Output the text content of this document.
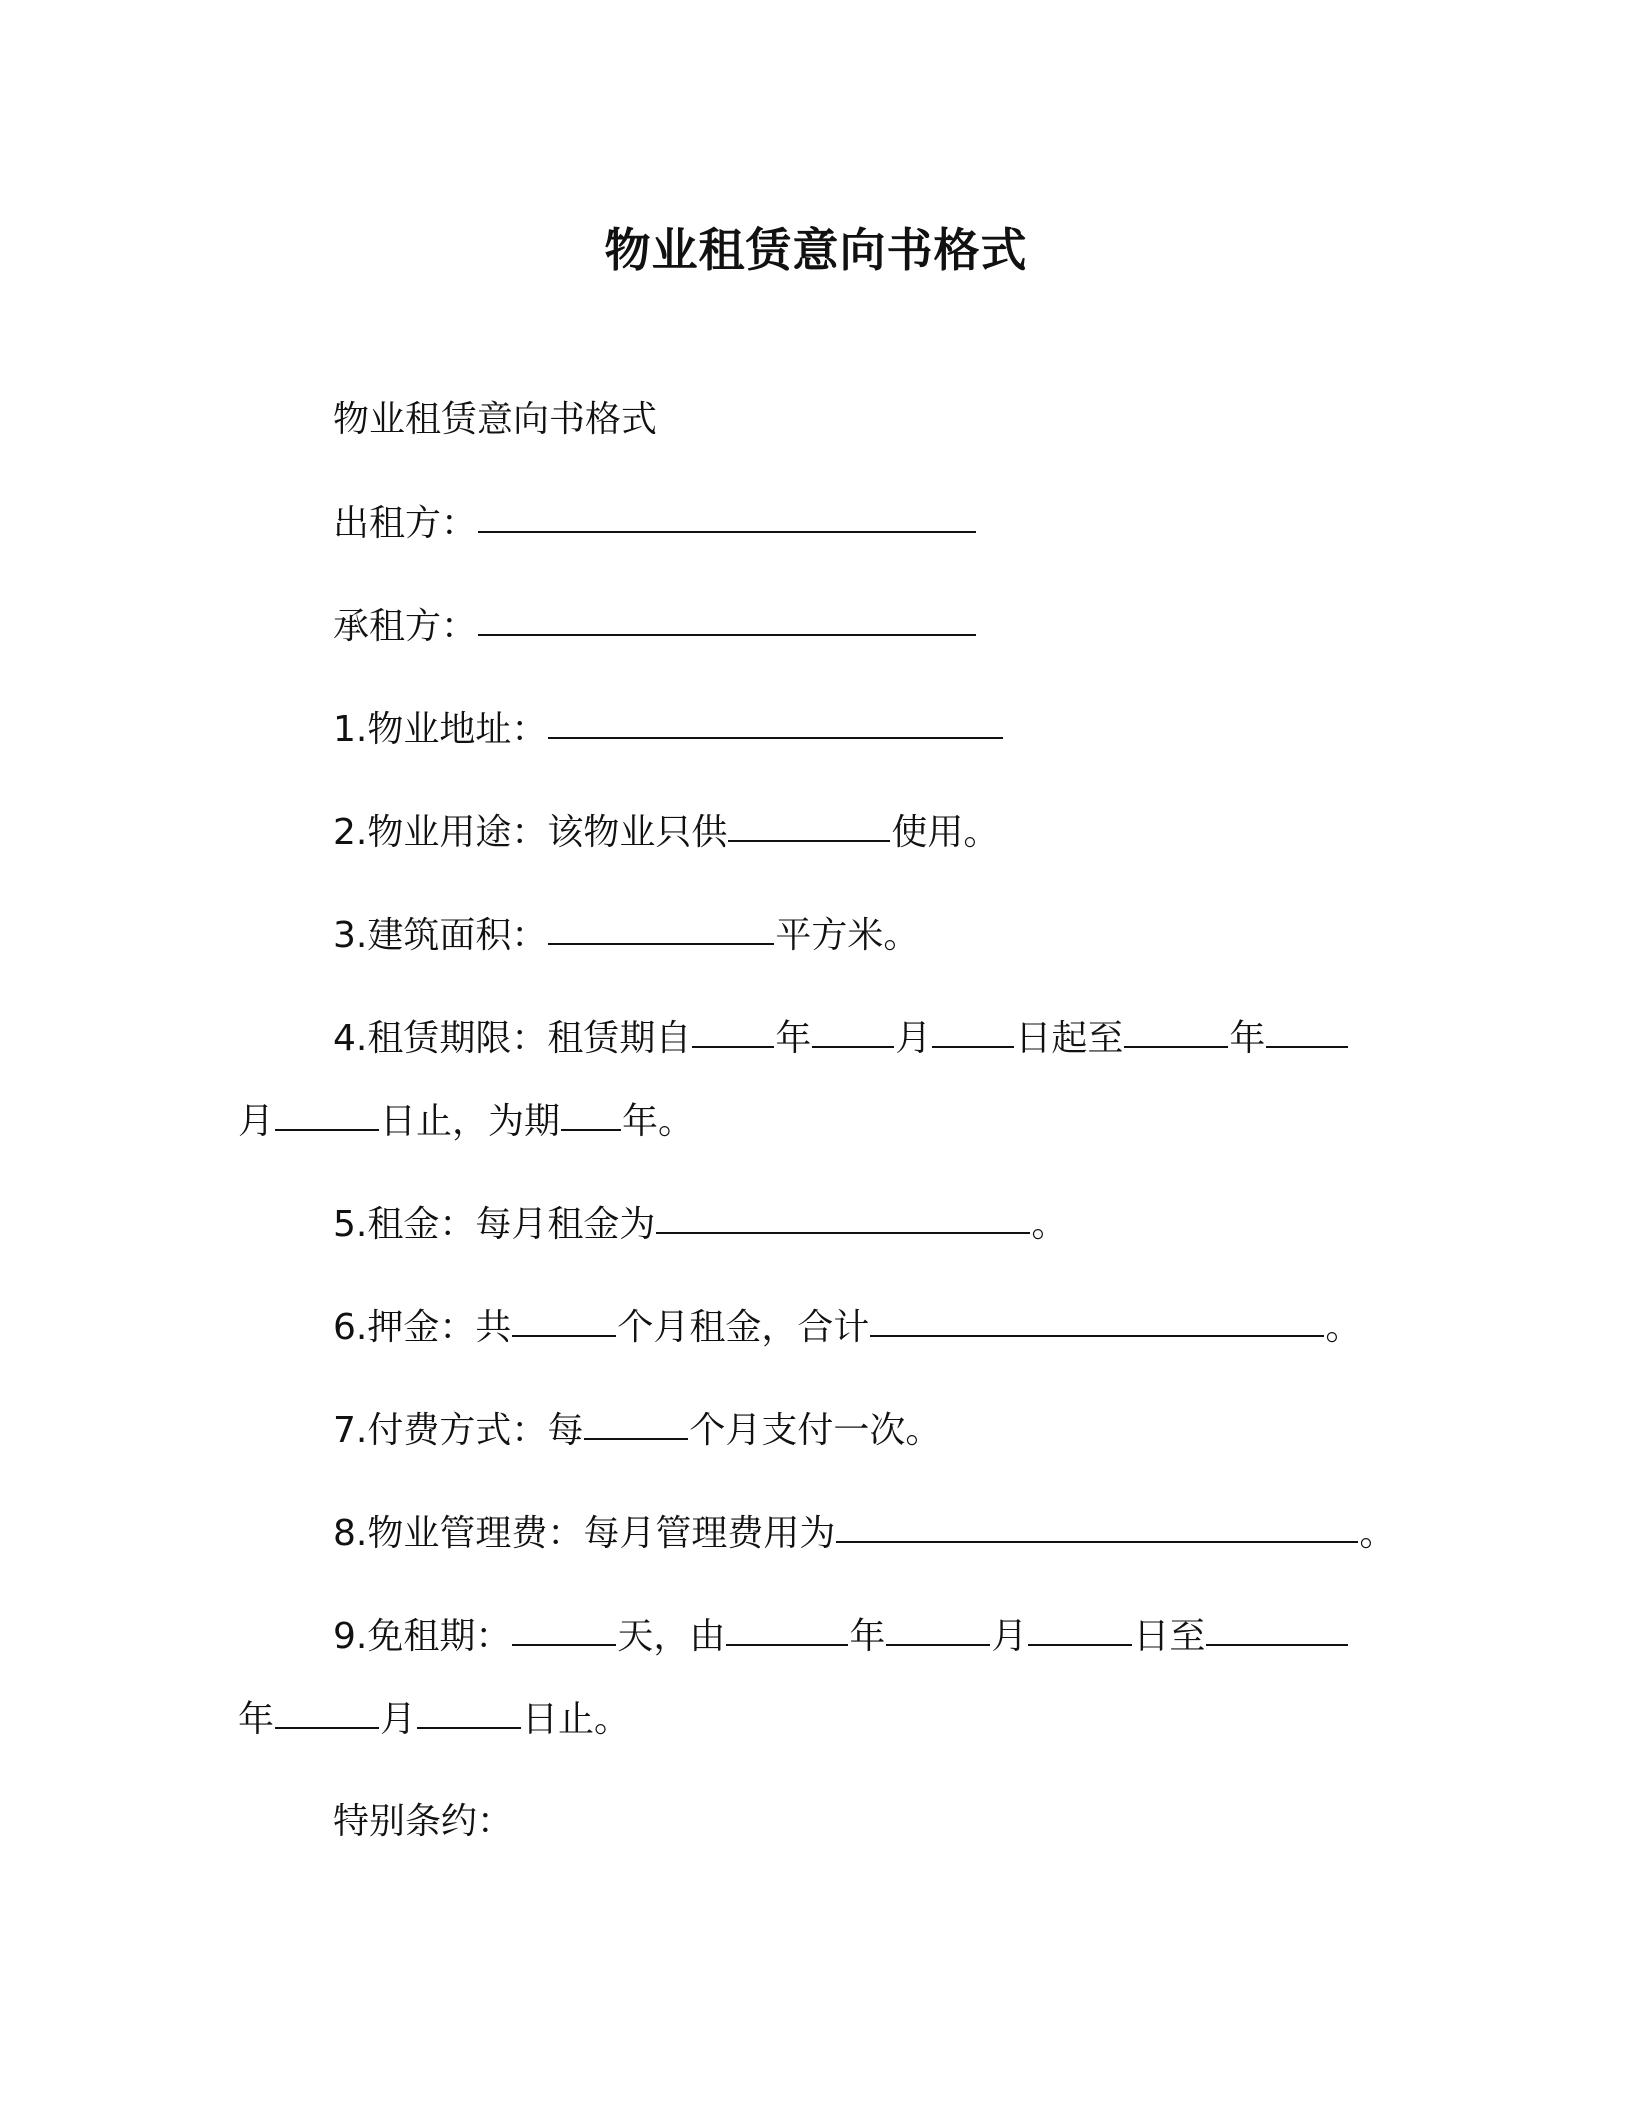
物业租赁意向书格式
物业租赁意向书格式
出租方：
承租方：
1.物业地址：
2.物业用途：该物业只供	使用。
3.建筑面积：	平方米。
4.租赁期限：租赁期自 年 月 日起至	年
月	日止，为期 年。
5.租金：每月租金为	。
6.押金：共	个月租金，合计	。
7.付费方式：每	个月支付一次。
8.物业管理费：每月管理费用为	。
9.免租期：	天，由	年	月	日至
年	月	日止。
特别条约：
